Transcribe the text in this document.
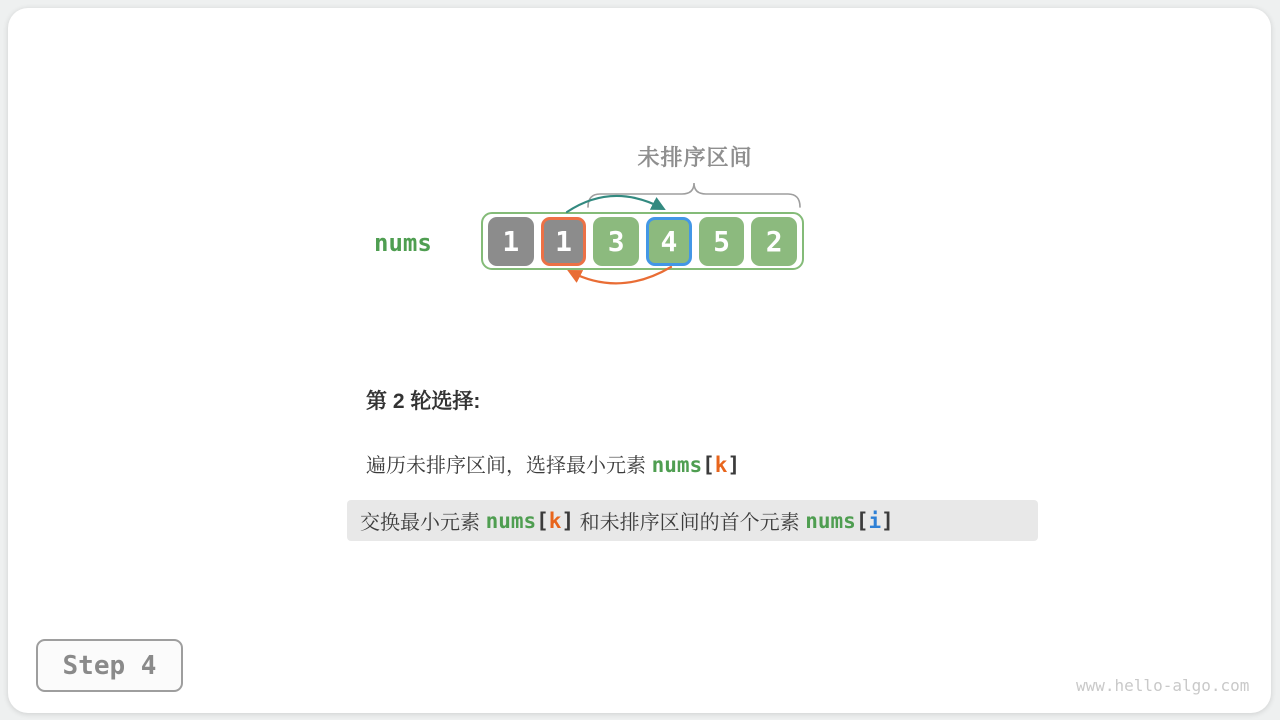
未排序区间
nums	1	1	3	4	5	2
第 2 轮选择:
遍历未排序区间，选择最小元素 nums[k]
交换最小元素 nums [ k ] 和未排序区间的首个元素 nums [ i ]
Step 4
www.hello-algo.com
